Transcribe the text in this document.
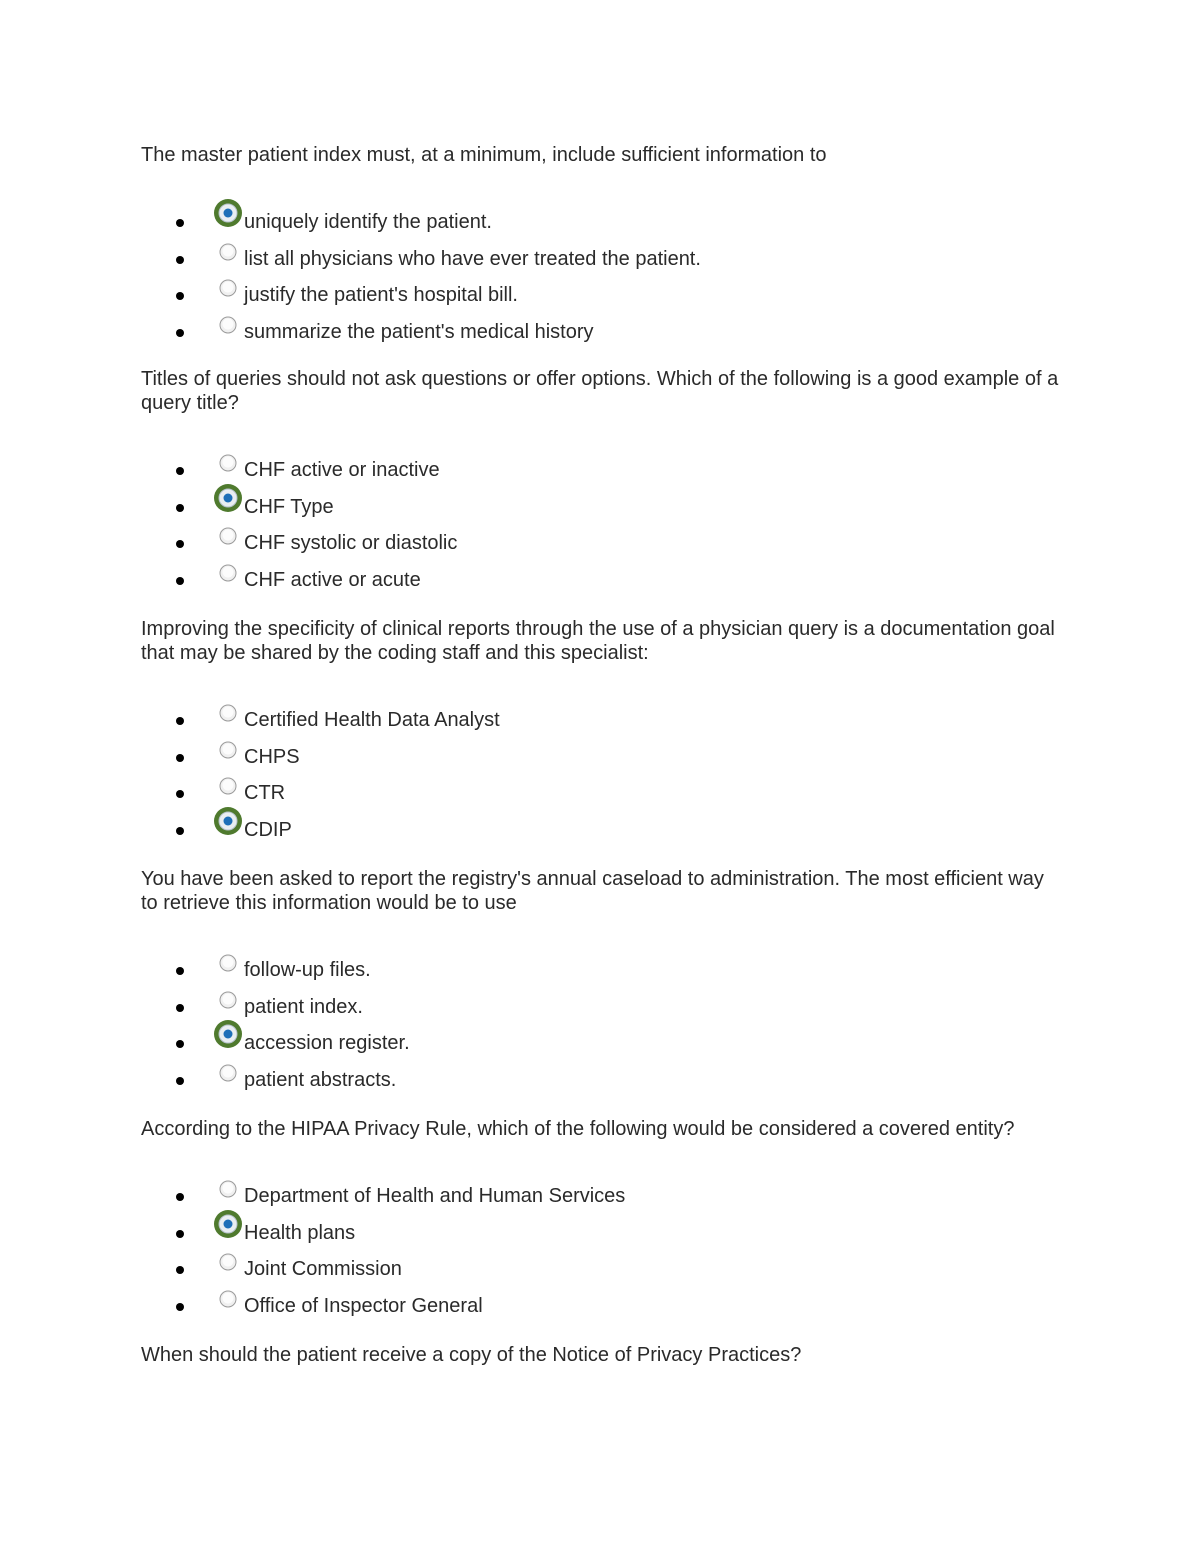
The master patient index must, at a minimum, include sufficient information to

uniquely identify the patient.
list all physicians who have ever treated the patient.
justify the patient's hospital bill.
summarize the patient's medical history

Titles of queries should not ask questions or offer options. Which of the following is a good example of a query title?

CHF active or inactive
CHF Type
CHF systolic or diastolic
CHF active or acute

Improving the specificity of clinical reports through the use of a physician query is a documentation goal that may be shared by the coding staff and this specialist:

Certified Health Data Analyst
CHPS
CTR
CDIP

You have been asked to report the registry's annual caseload to administration. The most efficient way to retrieve this information would be to use

follow-up files.
patient index.
accession register.
patient abstracts.

According to the HIPAA Privacy Rule, which of the following would be considered a covered entity?

Department of Health and Human Services
Health plans
Joint Commission
Office of Inspector General

When should the patient receive a copy of the Notice of Privacy Practices?
